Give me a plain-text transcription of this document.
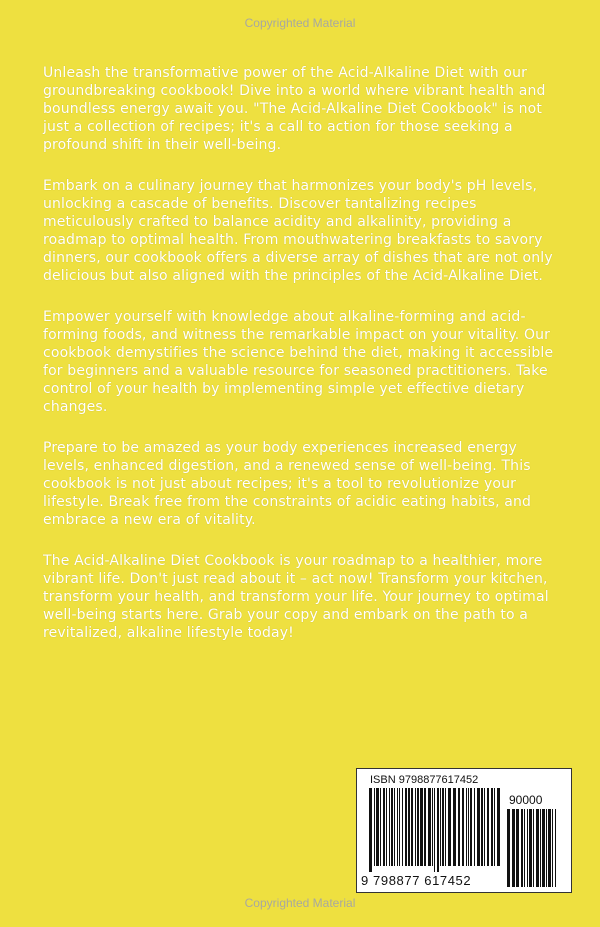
Copyrighted Material

Unleash the transformative power of the Acid-Alkaline Diet with our groundbreaking cookbook! Dive into a world where vibrant health and boundless energy await you. "The Acid-Alkaline Diet Cookbook" is not just a collection of recipes; it's a call to action for those seeking a profound shift in their well-being.

Embark on a culinary journey that harmonizes your body's pH levels, unlocking a cascade of benefits. Discover tantalizing recipes meticulously crafted to balance acidity and alkalinity, providing a roadmap to optimal health. From mouthwatering breakfasts to savory dinners, our cookbook offers a diverse array of dishes that are not only delicious but also aligned with the principles of the Acid-Alkaline Diet.

Empower yourself with knowledge about alkaline-forming and acid-forming foods, and witness the remarkable impact on your vitality. Our cookbook demystifies the science behind the diet, making it accessible for beginners and a valuable resource for seasoned practitioners. Take control of your health by implementing simple yet effective dietary changes.

Prepare to be amazed as your body experiences increased energy levels, enhanced digestion, and a renewed sense of well-being. This cookbook is not just about recipes; it's a tool to revolutionize your lifestyle. Break free from the constraints of acidic eating habits, and embrace a new era of vitality.

The Acid-Alkaline Diet Cookbook is your roadmap to a healthier, more vibrant life. Don't just read about it – act now! Transform your kitchen, transform your health, and transform your life. Your journey to optimal well-being starts here. Grab your copy and embark on the path to a revitalized, alkaline lifestyle today!

ISBN 9798877617452
90000
9 798877 617452
Copyrighted Material
